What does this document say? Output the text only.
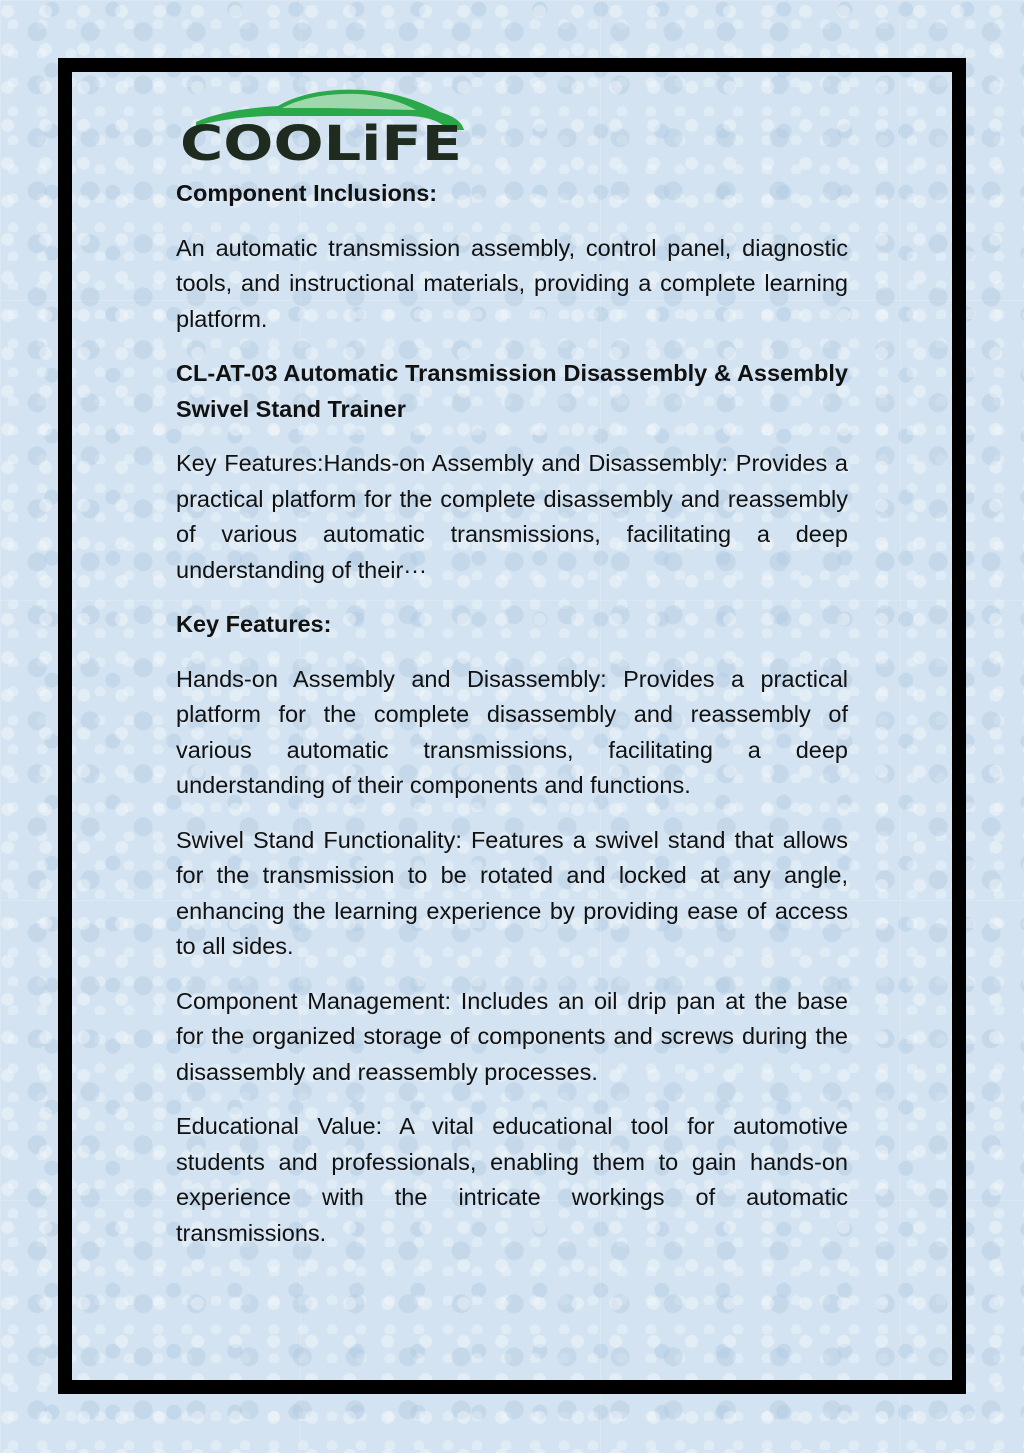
COOLiFE

Component Inclusions:

An automatic transmission assembly, control panel, diagnostic tools, and instructional materials, providing a complete learning platform.

CL-AT-03 Automatic Transmission Disassembly & Assembly Swivel Stand Trainer

Key Features:Hands-on Assembly and Disassembly: Provides a practical platform for the complete disassembly and reassembly of various automatic transmissions, facilitating a deep understanding of their···

Key Features:

Hands-on Assembly and Disassembly: Provides a practical platform for the complete disassembly and reassembly of various automatic transmissions, facilitating a deep understanding of their components and functions.

Swivel Stand Functionality: Features a swivel stand that allows for the transmission to be rotated and locked at any angle, enhancing the learning experience by providing ease of access to all sides.

Component Management: Includes an oil drip pan at the base for the organized storage of components and screws during the disassembly and reassembly processes.

Educational Value: A vital educational tool for automotive students and professionals, enabling them to gain hands-on experience with the intricate workings of automatic transmissions.
